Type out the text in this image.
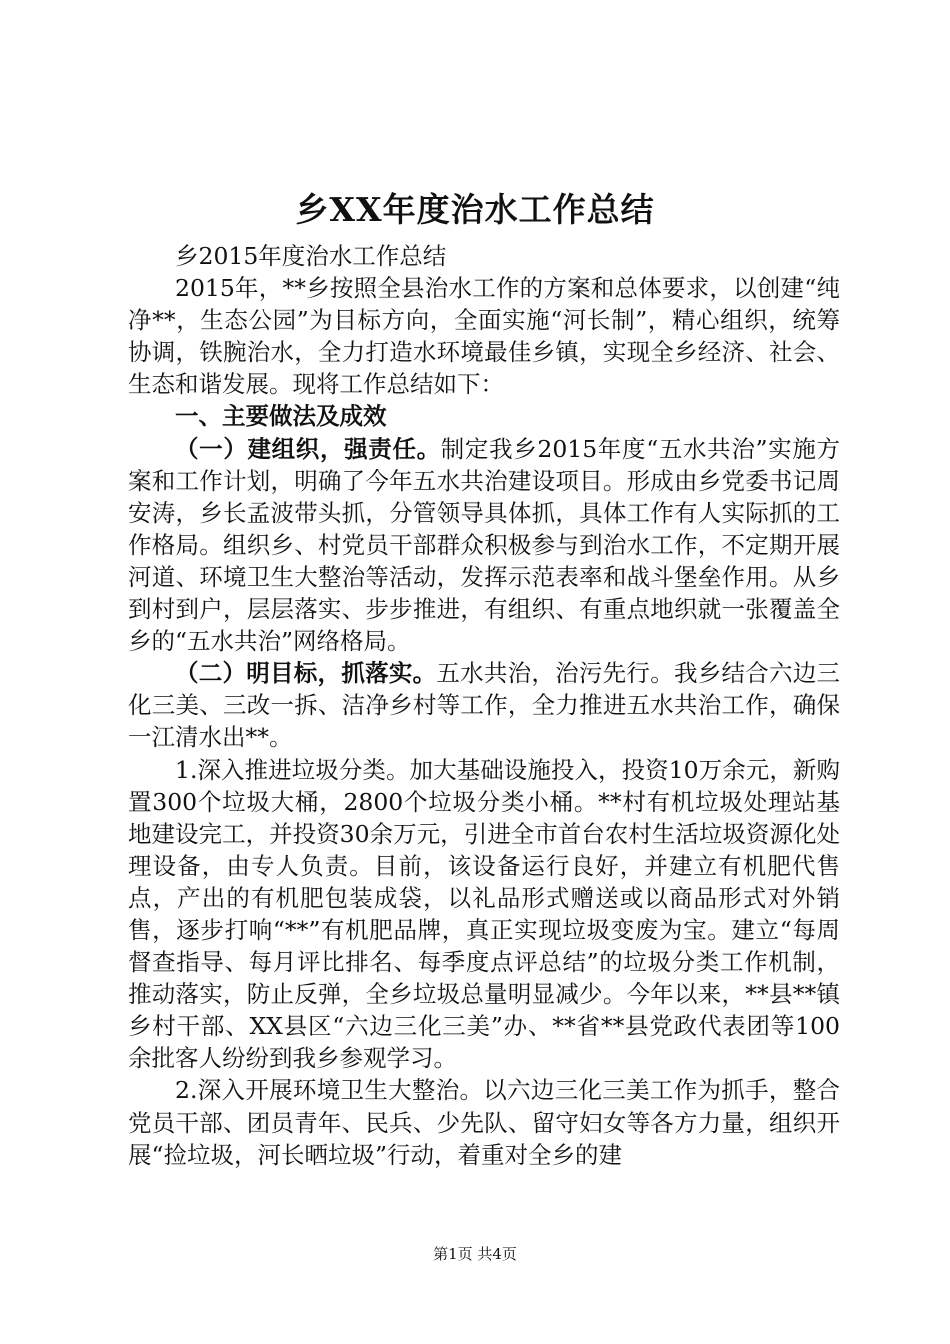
乡XX年度治水工作总结

乡2015年度治水工作总结

2015年，**乡按照全县治水工作的方案和总体要求，以创建“纯净**，生态公园”为目标方向，全面实施“河长制”，精心组织，统筹协调，铁腕治水，全力打造水环境最佳乡镇，实现全乡经济、社会、生态和谐发展。现将工作总结如下：

一、主要做法及成效

（一）建组织，强责任。制定我乡2015年度“五水共治”实施方案和工作计划，明确了今年五水共治建设项目。形成由乡党委书记周安涛，乡长孟波带头抓，分管领导具体抓，具体工作有人实际抓的工作格局。组织乡、村党员干部群众积极参与到治水工作，不定期开展河道、环境卫生大整治等活动，发挥示范表率和战斗堡垒作用。从乡到村到户，层层落实、步步推进，有组织、有重点地织就一张覆盖全乡的“五水共治”网络格局。

（二）明目标，抓落实。五水共治，治污先行。我乡结合六边三化三美、三改一拆、洁净乡村等工作，全力推进五水共治工作，确保一江清水出**。

1.深入推进垃圾分类。加大基础设施投入，投资10万余元，新购置300个垃圾大桶，2800个垃圾分类小桶。**村有机垃圾处理站基地建设完工，并投资30余万元，引进全市首台农村生活垃圾资源化处理设备，由专人负责。目前，该设备运行良好，并建立有机肥代售点，产出的有机肥包装成袋，以礼品形式赠送或以商品形式对外销售，逐步打响“**”有机肥品牌，真正实现垃圾变废为宝。建立“每周督查指导、每月评比排名、每季度点评总结”的垃圾分类工作机制，推动落实，防止反弹，全乡垃圾总量明显减少。今年以来，**县**镇乡村干部、XX县区“六边三化三美”办、**省**县党政代表团等100余批客人纷纷到我乡参观学习。

2.深入开展环境卫生大整治。以六边三化三美工作为抓手，整合党员干部、团员青年、民兵、少先队、留守妇女等各方力量，组织开展“捡垃圾，河长晒垃圾”行动，着重对全乡的建

第1页 共4页
